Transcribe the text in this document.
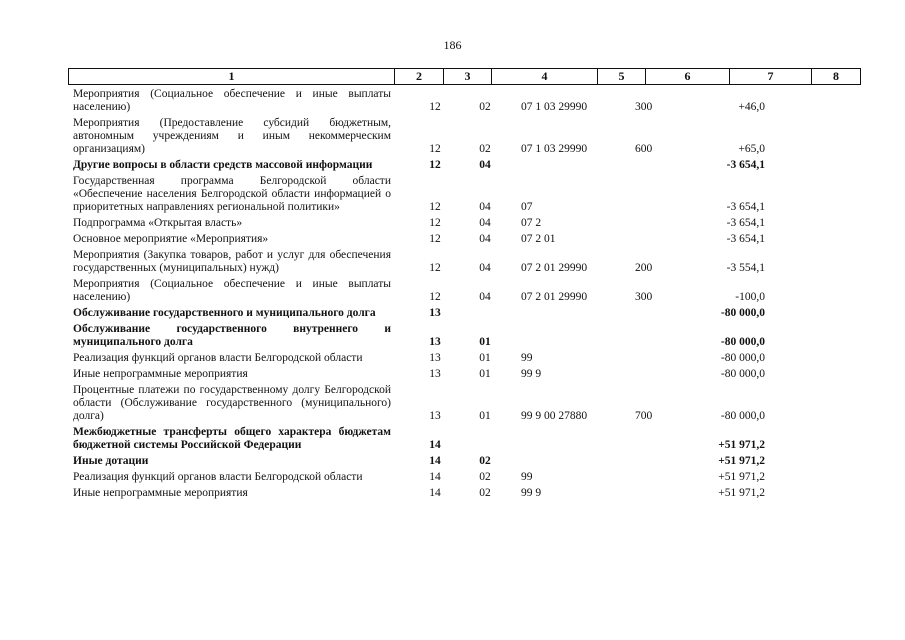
186
1	2	3	4	5	6	7	8
Мероприятия (Социальное обеспечение и иные выплаты населению)	12	02	07 1 03 29990	300	+46,0
Мероприятия (Предоставление субсидий бюджетным, автономным учреждениям и иным некоммерческим организациям)	12	02	07 1 03 29990	600	+65,0
Другие вопросы в области средств массовой информации	12	04	-3 654,1
Государственная программа Белгородской области «Обеспечение населения Белгородской области информацией о приоритетных направлениях региональной политики»	12	04	07	-3 654,1
Подпрограмма «Открытая власть»	12	04	07 2	-3 654,1
Основное мероприятие «Мероприятия»	12	04	07 2 01	-3 654,1
Мероприятия (Закупка товаров, работ и услуг для обеспечения государственных (муниципальных) нужд)	12	04	07 2 01 29990	200	-3 554,1
Мероприятия (Социальное обеспечение и иные выплаты населению)	12	04	07 2 01 29990	300	-100,0
Обслуживание государственного и муниципального долга	13	-80 000,0
Обслуживание государственного внутреннего и муниципального долга	13	01	-80 000,0
Реализация функций органов власти Белгородской области	13	01	99	-80 000,0
Иные непрограммные мероприятия	13	01	99 9	-80 000,0
Процентные платежи по государственному долгу Белгородской области (Обслуживание государственного (муниципального) долга)	13	01	99 9 00 27880	700	-80 000,0
Межбюджетные трансферты общего характера бюджетам бюджетной системы Российской Федерации	14	+51 971,2
Иные дотации	14	02	+51 971,2
Реализация функций органов власти Белгородской области	14	02	99	+51 971,2
Иные непрограммные мероприятия	14	02	99 9	+51 971,2
